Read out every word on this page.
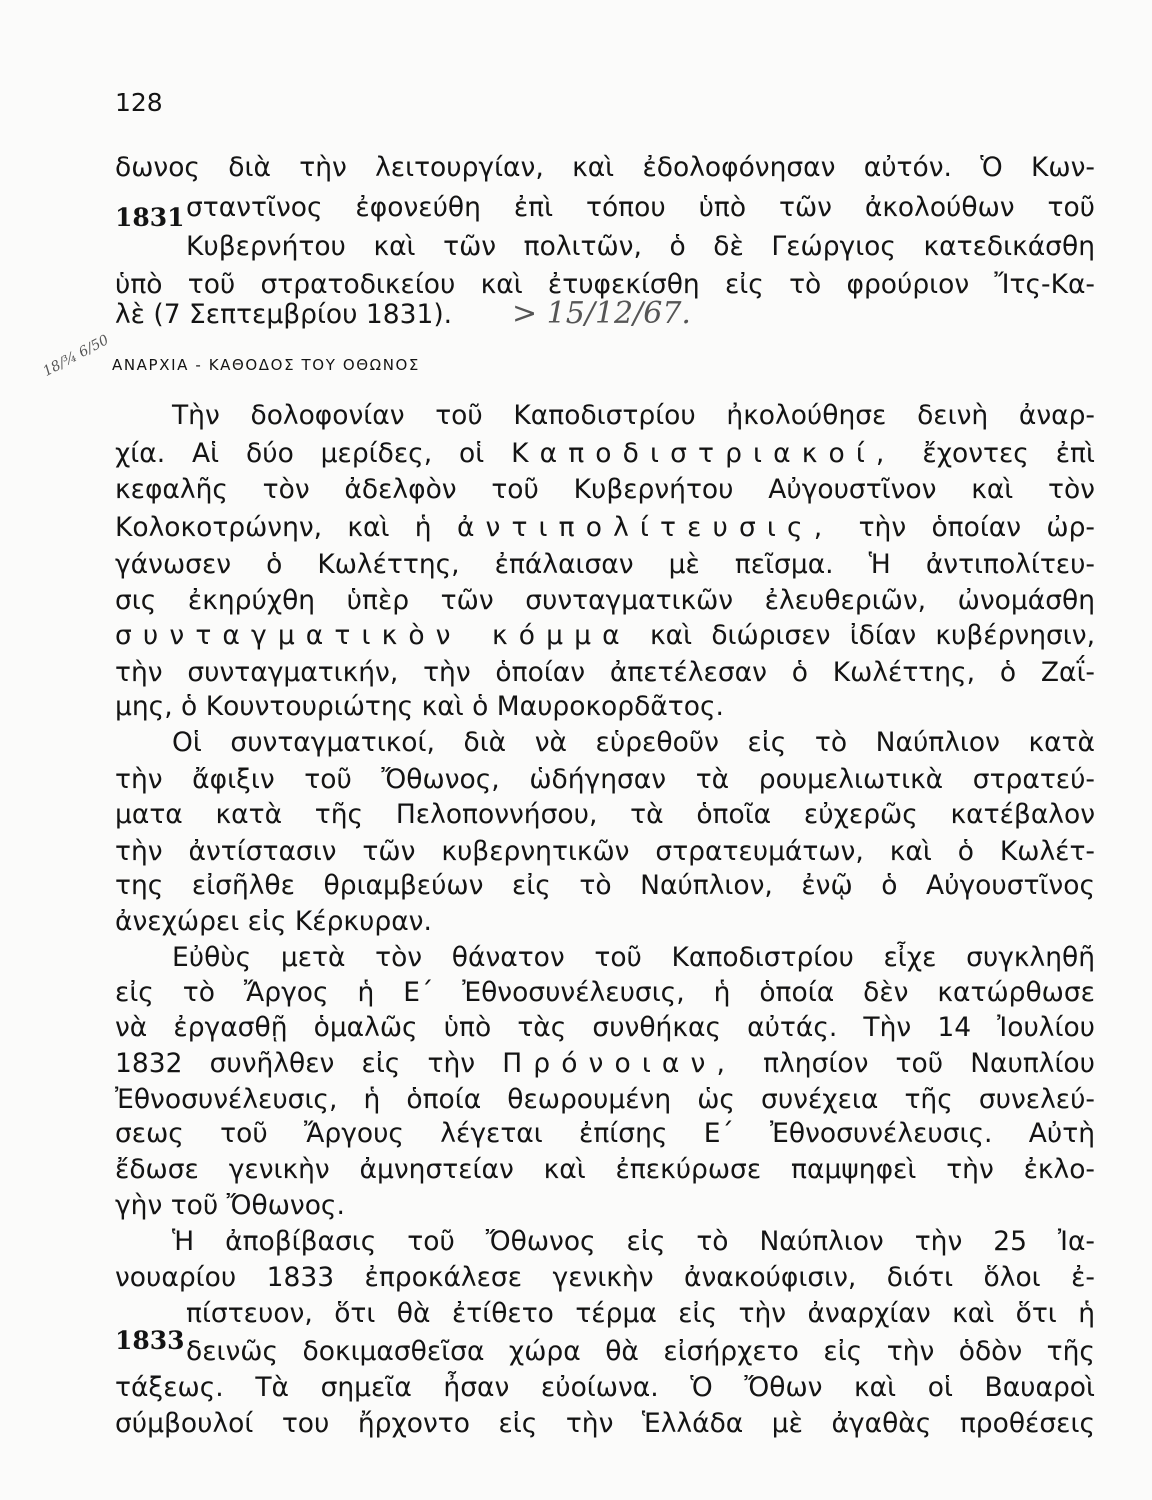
128
δωνος διὰ τὴν λειτουργίαν, καὶ ἐδολοφόνησαν αὐτόν. Ὁ Κων-
1831 σταντῖνος ἐφονεύθη ἐπὶ τόπου ὑπὸ τῶν ἀκολούθων τοῦ
Κυβερνήτου καὶ τῶν πολιτῶν, ὁ δὲ Γεώργιος κατεδικάσθη
ὑπὸ τοῦ στρατοδικείου καὶ ἐτυφεκίσθη εἰς τὸ φρούριον Ἴτς-Κα-
λὲ (7 Σεπτεμβρίου 1831). > 15/12/67.
18/¾ 6/50 ΑΝΑΡΧΙΑ - ΚΑΘΟΔΟΣ ΤΟΥ ΟΘΩΝΟΣ
Τὴν δολοφονίαν τοῦ Καποδιστρίου ἠκολούθησε δεινὴ ἀναρ-
χία. Αἱ δύο μερίδες, οἱ Καποδιστριακοί, ἔχοντες ἐπὶ
κεφαλῆς τὸν ἀδελφὸν τοῦ Κυβερνήτου Αὐγουστῖνον καὶ τὸν
Κολοκοτρώνην, καὶ ἡ ἀντιπολίτευσις, τὴν ὁποίαν ὠρ-
γάνωσεν ὁ Κωλέττης, ἐπάλαισαν μὲ πεῖσμα. Ἡ ἀντιπολίτευ-
σις ἐκηρύχθη ὑπὲρ τῶν συνταγματικῶν ἐλευθεριῶν, ὠνομάσθη
συνταγματικὸν κόμμα καὶ διώρισεν ἰδίαν κυβέρνησιν,
τὴν συνταγματικήν, τὴν ὁποίαν ἀπετέλεσαν ὁ Κωλέττης, ὁ Ζαΐ-
μης, ὁ Κουντουριώτης καὶ ὁ Μαυροκορδᾶτος.
Οἱ συνταγματικοί, διὰ νὰ εὑρεθοῦν εἰς τὸ Ναύπλιον κατὰ
τὴν ἄφιξιν τοῦ Ὄθωνος, ὡδήγησαν τὰ ρουμελιωτικὰ στρατεύ-
ματα κατὰ τῆς Πελοποννήσου, τὰ ὁποῖα εὐχερῶς κατέβαλον
τὴν ἀντίστασιν τῶν κυβερνητικῶν στρατευμάτων, καὶ ὁ Κωλέτ-
της εἰσῆλθε θριαμβεύων εἰς τὸ Ναύπλιον, ἐνῷ ὁ Αὐγουστῖνος
ἀνεχώρει εἰς Κέρκυραν.
Εὐθὺς μετὰ τὸν θάνατον τοῦ Καποδιστρίου εἶχε συγκληθῆ
εἰς τὸ Ἄργος ἡ Ε΄ Ἐθνοσυνέλευσις, ἡ ὁποία δὲν κατώρθωσε
νὰ ἐργασθῇ ὁμαλῶς ὑπὸ τὰς συνθήκας αὐτάς. Τὴν 14 Ἰουλίου
1832 συνῆλθεν εἰς τὴν Πρόνοιαν, πλησίον τοῦ Ναυπλίου
Ἐθνοσυνέλευσις, ἡ ὁποία θεωρουμένη ὡς συνέχεια τῆς συνελεύ-
σεως τοῦ Ἄργους λέγεται ἐπίσης Ε΄ Ἐθνοσυνέλευσις. Αὐτὴ
ἔδωσε γενικὴν ἀμνηστείαν καὶ ἐπεκύρωσε παμψηφεὶ τὴν ἐκλο-
γὴν τοῦ Ὄθωνος.
Ἡ ἀποβίβασις τοῦ Ὄθωνος εἰς τὸ Ναύπλιον τὴν 25 Ἰα-
νουαρίου 1833 ἐπροκάλεσε γενικὴν ἀνακούφισιν, διότι ὅλοι ἐ-
1833
πίστευον, ὅτι θὰ ἐτίθετο τέρμα εἰς τὴν ἀναρχίαν καὶ ὅτι ἡ
δεινῶς δοκιμασθεῖσα χώρα θὰ εἰσήρχετο εἰς τὴν ὁδὸν τῆς
τάξεως. Τὰ σημεῖα ἦσαν εὐοίωνα. Ὁ Ὄθων καὶ οἱ Βαυαροὶ
σύμβουλοί του ἤρχοντο εἰς τὴν Ἑλλάδα μὲ ἀγαθὰς προθέσεις
